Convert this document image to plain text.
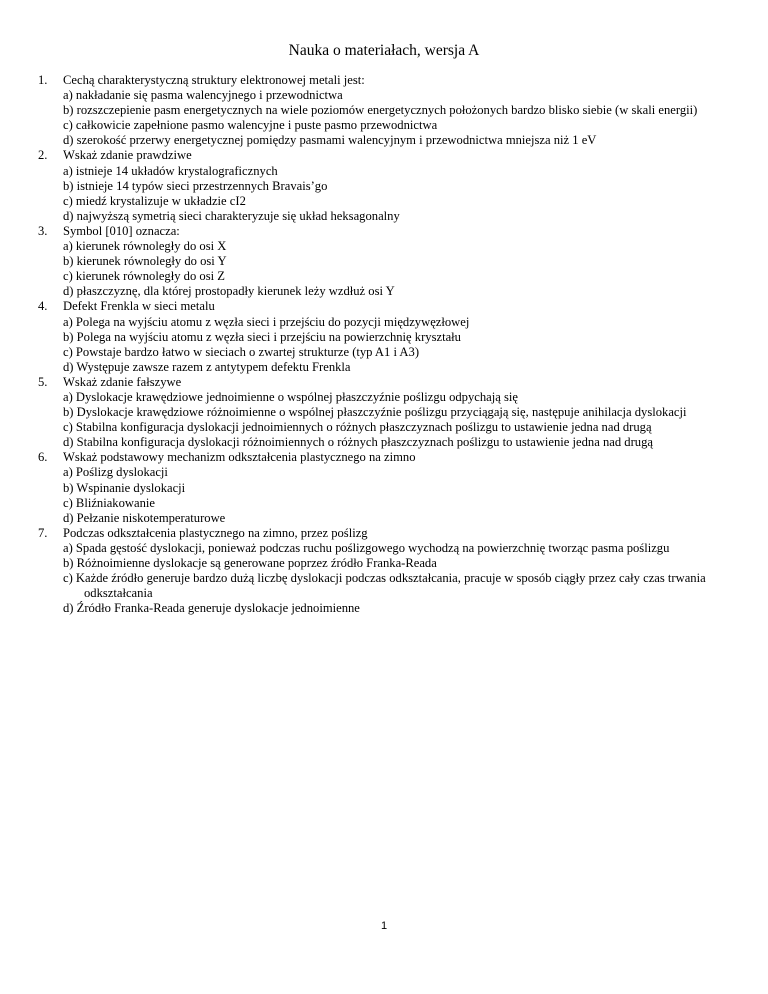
Nauka o materiałach, wersja A
1.	Cechą charakterystyczną struktury elektronowej metali jest:
a) nakładanie się pasma walencyjnego i przewodnictwa
b) rozszczepienie pasm energetycznych na wiele poziomów energetycznych położonych bardzo blisko siebie (w skali energii)
c) całkowicie zapełnione pasmo walencyjne i puste pasmo przewodnictwa
d) szerokość przerwy energetycznej pomiędzy pasmami walencyjnym i przewodnictwa mniejsza niż 1 eV
2.	Wskaż zdanie prawdziwe
a) istnieje 14 układów krystalograficznych
b) istnieje 14 typów sieci przestrzennych Bravais’go
c) miedź krystalizuje w układzie cI2
d) najwyższą symetrią sieci charakteryzuje się układ heksagonalny
3.	Symbol [010] oznacza:
a) kierunek równoległy do osi X
b) kierunek równoległy do osi Y
c) kierunek równoległy do osi Z
d) płaszczyznę, dla której prostopadły kierunek leży wzdłuż osi Y
4.	Defekt Frenkla w sieci metalu
a) Polega na wyjściu atomu z węzła sieci i przejściu do pozycji międzywęzłowej
b) Polega na wyjściu atomu z węzła sieci i przejściu na powierzchnię kryształu
c) Powstaje bardzo łatwo w sieciach o zwartej strukturze (typ A1 i A3)
d) Występuje zawsze razem z antytypem defektu Frenkla
5.	Wskaż zdanie fałszywe
a) Dyslokacje krawędziowe jednoimienne o wspólnej płaszczyźnie poślizgu odpychają się
b) Dyslokacje krawędziowe różnoimienne o wspólnej płaszczyźnie poślizgu przyciągają się, następuje anihilacja dyslokacji
c) Stabilna konfiguracja dyslokacji jednoimiennych o różnych płaszczyznach poślizgu to ustawienie jedna nad drugą
d) Stabilna konfiguracja dyslokacji różnoimiennych o różnych płaszczyznach poślizgu to ustawienie jedna nad drugą
6.	Wskaż podstawowy mechanizm odkształcenia plastycznego na zimno
a) Poślizg dyslokacji
b) Wspinanie dyslokacji
c) Bliźniakowanie
d) Pełzanie niskotemperaturowe
7.	Podczas odkształcenia plastycznego na zimno, przez poślizg
a) Spada gęstość dyslokacji, ponieważ podczas ruchu poślizgowego wychodzą na powierzchnię tworząc pasma poślizgu
b) Różnoimienne dyslokacje są generowane poprzez źródło Franka-Reada
c) Każde źródło generuje bardzo dużą liczbę dyslokacji podczas odkształcania, pracuje w sposób ciągły przez cały czas trwania odkształcania
d) Źródło Franka-Reada generuje dyslokacje jednoimienne
1
